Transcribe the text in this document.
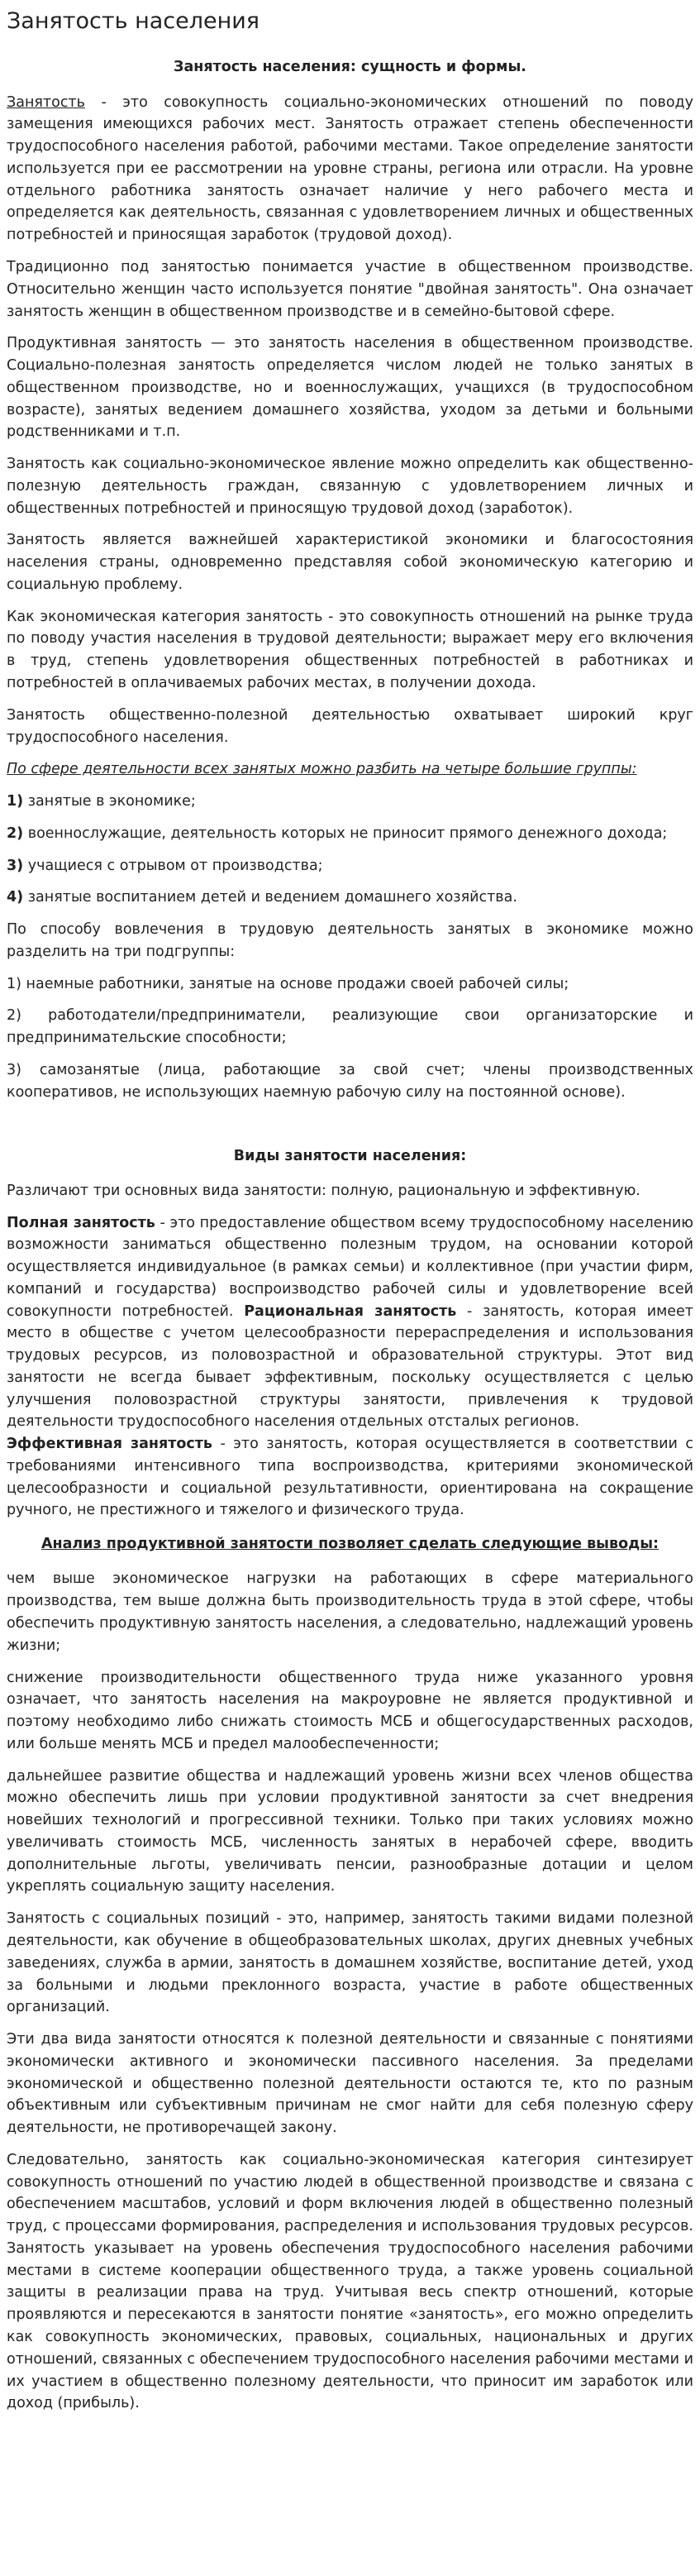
Занятость населения
Занятость населения: сущность и формы.

Занятость - это совокупность социально-экономических отношений по поводу замещения имеющихся рабочих мест. Занятость отражает степень обеспеченности трудоспособного населения работой, рабочими местами. Такое определение занятости используется при ее рассмотрении на уровне страны, региона или отрасли. На уровне отдельного работника занятость означает наличие у него рабочего места и определяется как деятельность, связанная с удовлетворением личных и общественных потребностей и приносящая заработок (трудовой доход).

Традиционно под занятостью понимается участие в общественном производстве. Относительно женщин часто используется понятие "двойная занятость". Она означает занятость женщин в общественном производстве и в семейно-бытовой сфере.

Продуктивная занятость — это занятость населения в общественном производстве. Социально-полезная занятость определяется числом людей не только занятых в общественном производстве, но и военнослужащих, учащихся (в трудоспособном возрасте), занятых ведением домашнего хозяйства, уходом за детьми и больными родственниками и т.п.

Занятость как социально-экономическое явление можно определить как общественно-полезную деятельность граждан, связанную с удовлетворением личных и общественных потребностей и приносящую трудовой доход (заработок).

Занятость является важнейшей характеристикой экономики и благосостояния населения страны, одновременно представляя собой экономическую категорию и социальную проблему.

Как экономическая категория занятость - это совокупность отношений на рынке труда по поводу участия населения в трудовой деятельности; выражает меру его включения в труд, степень удовлетворения общественных потребностей в работниках и потребностей в оплачиваемых рабочих местах, в получении дохода.

Занятость общественно-полезной деятельностью охватывает широкий круг трудоспособного населения.

По сфере деятельности всех занятых можно разбить на четыре большие группы:

1) занятые в экономике;

2) военнослужащие, деятельность которых не приносит прямого денежного дохода;

3) учащиеся с отрывом от производства;

4) занятые воспитанием детей и ведением домашнего хозяйства.

По способу вовлечения в трудовую деятельность занятых в экономике можно разделить на три подгруппы:

1) наемные работники, занятые на основе продажи своей рабочей силы;

2) работодатели/предприниматели, реализующие свои организаторские и предпринимательские способности;

3) самозанятые (лица, работающие за свой счет; члены производственных кооперативов, не использующих наемную рабочую силу на постоянной основе).

Виды занятости населения:

Различают три основных вида занятости: полную, рациональную и эффективную.

Полная занятость - это предоставление обществом всему трудоспособному населению возможности заниматься общественно полезным трудом, на основании которой осуществляется индивидуальное (в рамках семьи) и коллективное (при участии фирм, компаний и государства) воспроизводство рабочей силы и удовлетворение всей совокупности потребностей. Рациональная занятость - занятость, которая имеет место в обществе с учетом целесообразности перераспределения и использования трудовых ресурсов, из половозрастной и образовательной структуры. Этот вид занятости не всегда бывает эффективным, поскольку осуществляется с целью улучшения половозрастной структуры занятости, привлечения к трудовой деятельности трудоспособного населения отдельных отсталых регионов.

Эффективная занятость - это занятость, которая осуществляется в соответствии с требованиями интенсивного типа воспроизводства, критериями экономической целесообразности и социальной результативности, ориентирована на сокращение ручного, не престижного и тяжелого и физического труда.

Анализ продуктивной занятости позволяет сделать следующие выводы:

чем выше экономическое нагрузки на работающих в сфере материального производства, тем выше должна быть производительность труда в этой сфере, чтобы обеспечить продуктивную занятость населения, а следовательно, надлежащий уровень жизни;

снижение производительности общественного труда ниже указанного уровня означает, что занятость населения на макроуровне не является продуктивной и поэтому необходимо либо снижать стоимость МСБ и общегосударственных расходов, или больше менять МСБ и предел малообеспеченности;

дальнейшее развитие общества и надлежащий уровень жизни всех членов общества можно обеспечить лишь при условии продуктивной занятости за счет внедрения новейших технологий и прогрессивной техники. Только при таких условиях можно увеличивать стоимость МСБ, численность занятых в нерабочей сфере, вводить дополнительные льготы, увеличивать пенсии, разнообразные дотации и целом укреплять социальную защиту населения.

Занятость с социальных позиций - это, например, занятость такими видами полезной деятельности, как обучение в общеобразовательных школах, других дневных учебных заведениях, служба в армии, занятость в домашнем хозяйстве, воспитание детей, уход за больными и людьми преклонного возраста, участие в работе общественных организаций.

Эти два вида занятости относятся к полезной деятельности и связанные с понятиями экономически активного и экономически пассивного населения. За пределами экономической и общественно полезной деятельности остаются те, кто по разным объективным или субъективным причинам не смог найти для себя полезную сферу деятельности, не противоречащей закону.

Следовательно, занятость как социально-экономическая категория синтезирует совокупность отношений по участию людей в общественной производстве и связана с обеспечением масштабов, условий и форм включения людей в общественно полезный труд, с процессами формирования, распределения и использования трудовых ресурсов. Занятость указывает на уровень обеспечения трудоспособного населения рабочими местами в системе кооперации общественного труда, а также уровень социальной защиты в реализации права на труд. Учитывая весь спектр отношений, которые проявляются и пересекаются в занятости понятие «занятость», его можно определить как совокупность экономических, правовых, социальных, национальных и других отношений, связанных с обеспечением трудоспособного населения рабочими местами и их участием в общественно полезному деятельности, что приносит им заработок или доход (прибыль).
